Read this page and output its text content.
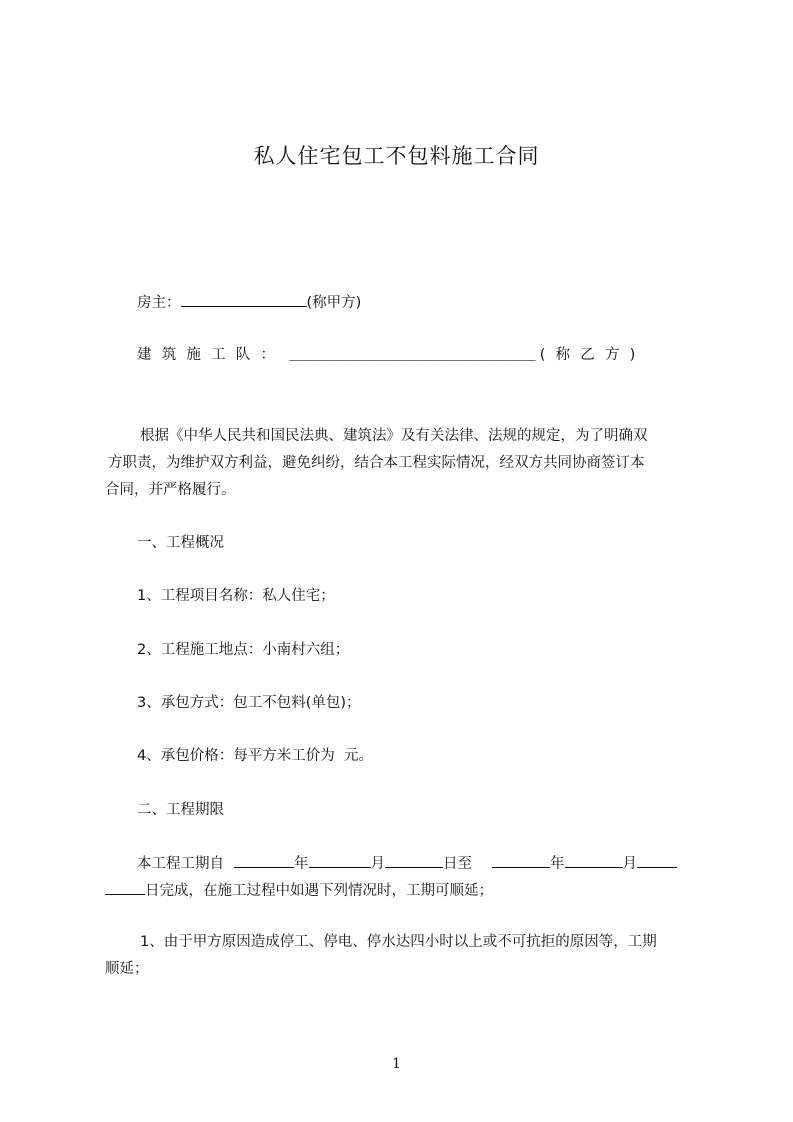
私人住宅包工不包料施工合同
房主：	(称甲方)
建筑施工队： ＿＿＿＿＿＿＿＿＿＿＿＿＿＿＿＿＿ (称乙方)
根据《中华人民共和国民法典、建筑法》及有关法律、法规的规定，为了明确双
方职责，为维护双方利益，避免纠纷，结合本工程实际情况，经双方共同协商签订本
合同，并严格履行。
一、工程概况
1、工程项目名称：私人住宅；
2、工程施工地点：小南村六组；
3、承包方式：包工不包料(单包)；
4、承包价格：每平方米工价为  元。
二、工程期限
本工程工期自	年	月	日至	年	月
日完成，在施工过程中如遇下列情况时，工期可顺延；
1、由于甲方原因造成停工、停电、停水达四小时以上或不可抗拒的原因等，工期
顺延；
1
